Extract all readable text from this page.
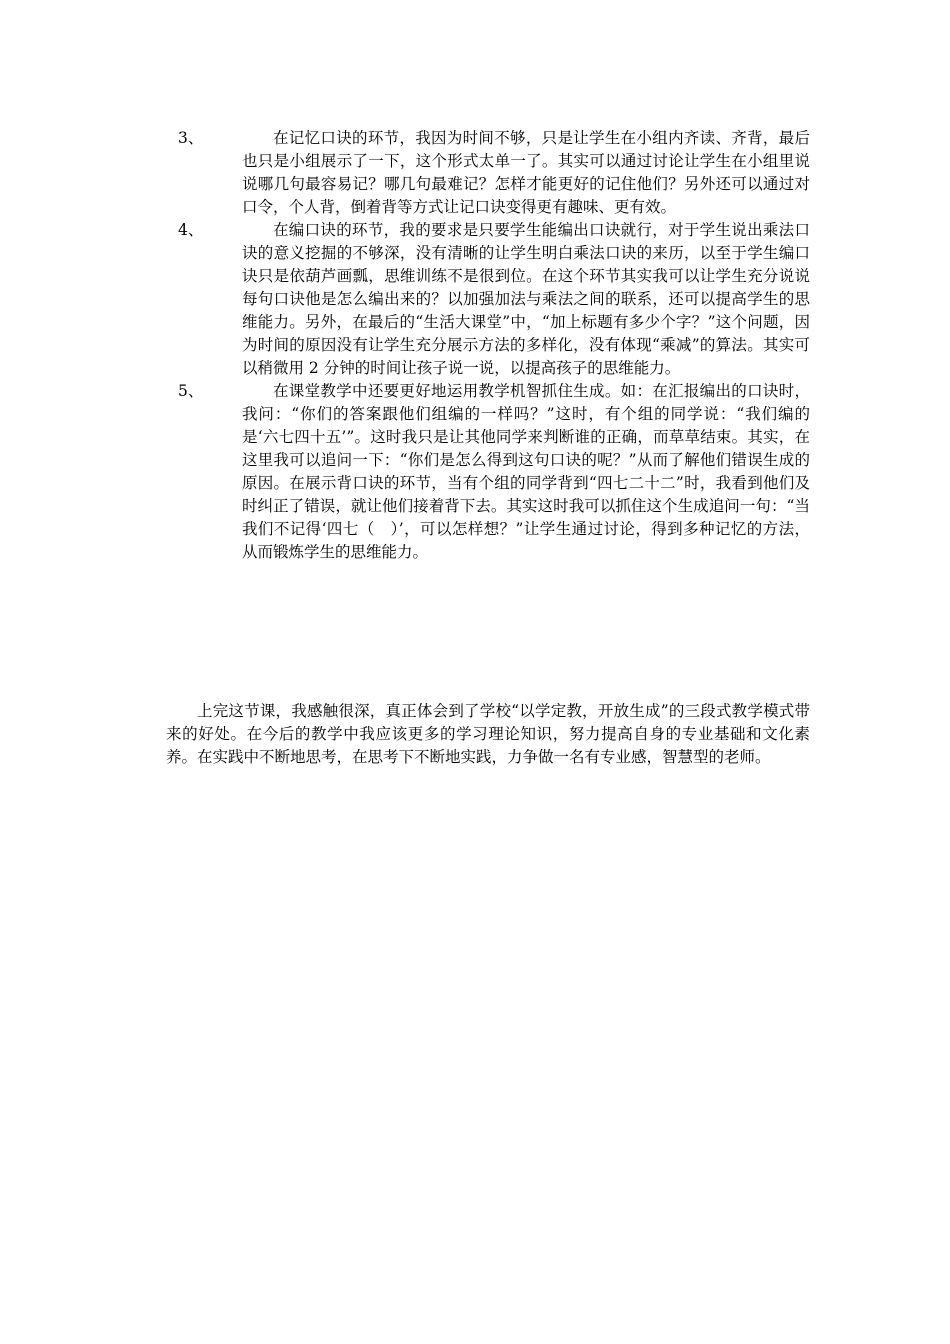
3、	在记忆口诀的环节，我因为时间不够，只是让学生在小组内齐读、齐背，最后也只是小组展示了一下，这个形式太单一了。其实可以通过讨论让学生在小组里说说哪几句最容易记？哪几句最难记？怎样才能更好的记住他们？另外还可以通过对口令，个人背，倒着背等方式让记口诀变得更有趣味、更有效。

4、	在编口诀的环节，我的要求是只要学生能编出口诀就行，对于学生说出乘法口诀的意义挖掘的不够深，没有清晰的让学生明白乘法口诀的来历，以至于学生编口诀只是依葫芦画瓢，思维训练不是很到位。在这个环节其实我可以让学生充分说说每句口诀他是怎么编出来的？以加强加法与乘法之间的联系，还可以提高学生的思维能力。另外，在最后的“生活大课堂”中，“加上标题有多少个字？”这个问题，因为时间的原因没有让学生充分展示方法的多样化，没有体现“乘减”的算法。其实可以稍微用 2 分钟的时间让孩子说一说，以提高孩子的思维能力。

5、	在课堂教学中还要更好地运用教学机智抓住生成。如：在汇报编出的口诀时，我问：“你们的答案跟他们组编的一样吗？”这时，有个组的同学说：“我们编的是‘六七四十五’”。这时我只是让其他同学来判断谁的正确，而草草结束。其实，在这里我可以追问一下：“你们是怎么得到这句口诀的呢？”从而了解他们错误生成的原因。在展示背口诀的环节，当有个组的同学背到“四七二十二”时，我看到他们及时纠正了错误，就让他们接着背下去。其实这时我可以抓住这个生成追问一句：“当我们不记得‘四七（　）’，可以怎样想？”让学生通过讨论，得到多种记忆的方法，从而锻炼学生的思维能力。

上完这节课，我感触很深，真正体会到了学校“以学定教，开放生成”的三段式教学模式带来的好处。在今后的教学中我应该更多的学习理论知识，努力提高自身的专业基础和文化素养。在实践中不断地思考，在思考下不断地实践，力争做一名有专业感，智慧型的老师。
